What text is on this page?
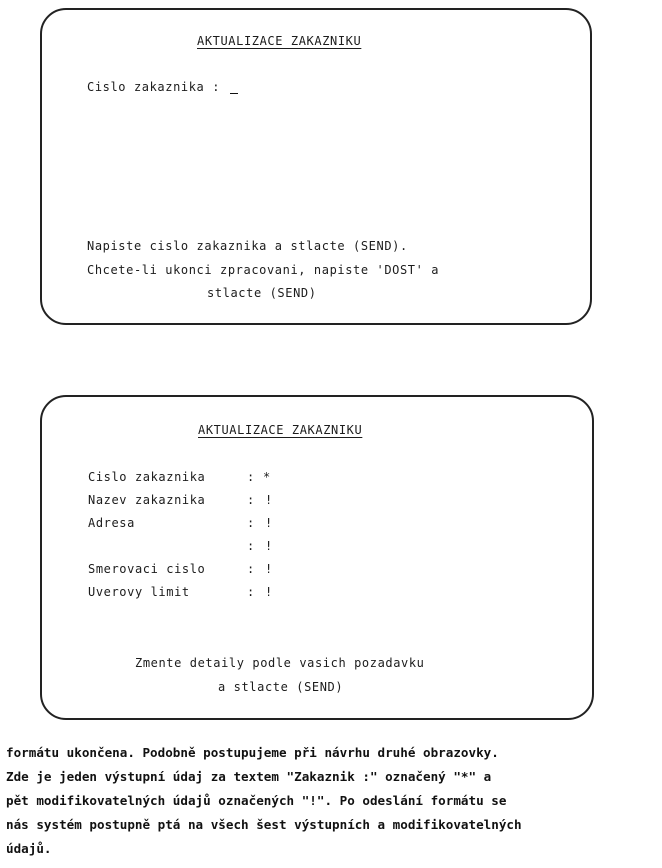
AKTUALIZACE ZAKAZNIKU
Cislo zakaznika :
Napiste cislo zakaznika a stlacte (SEND).
Chcete-li ukonci zpracovani, napiste 'DOST' a
stlacte (SEND)
AKTUALIZACE ZAKAZNIKU
Cislo zakaznika	: *
Nazev zakaznika	: !
Adresa	: !
: !
Smerovaci cislo	: !
Uverovy limit	: !
Zmente detaily podle vasich pozadavku
a stlacte (SEND)
formátu ukončena. Podobně postupujeme při návrhu druhé obrazovky.
Zde je jeden výstupní údaj za textem "Zakaznik :" označený "*" a
pět modifikovatelných údajů označených "!". Po odeslání formátu se
nás systém postupně ptá na všech šest výstupních a modifikovatelných
údajů.
